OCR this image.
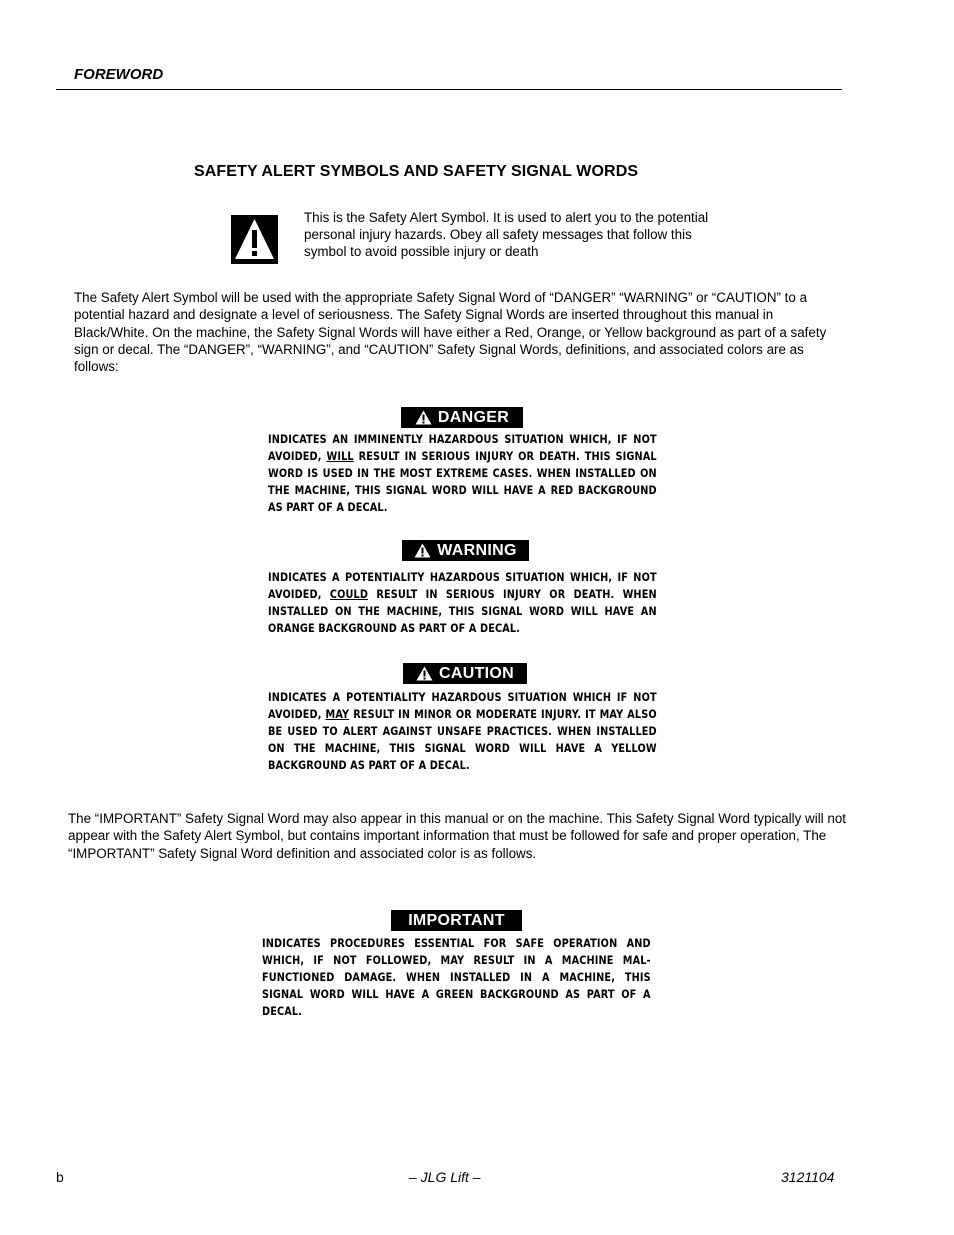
FOREWORD
SAFETY ALERT SYMBOLS AND SAFETY SIGNAL WORDS
This is the Safety Alert Symbol. It is used to alert you to the potential personal injury hazards. Obey all safety messages that follow this symbol to avoid possible injury or death
The Safety Alert Symbol will be used with the appropriate Safety Signal Word of “DANGER” “WARNING” or “CAUTION” to a potential hazard and designate a level of seriousness. The Safety Signal Words are inserted throughout this manual in Black/White. On the machine, the Safety Signal Words will have either a Red, Orange, or Yellow background as part of a safety sign or decal. The “DANGER”, “WARNING”, and “CAUTION” Safety Signal Words, definitions, and associated colors are as follows:
DANGER
INDICATES AN IMMINENTLY HAZARDOUS SITUATION WHICH, IF NOT AVOIDED, WILL RESULT IN SERIOUS INJURY OR DEATH. THIS SIGNAL WORD IS USED IN THE MOST EXTREME CASES. WHEN INSTALLED ON THE MACHINE, THIS SIGNAL WORD WILL HAVE A RED BACKGROUND AS PART OF A DECAL.
WARNING
INDICATES A POTENTIALITY HAZARDOUS SITUATION WHICH, IF NOT AVOIDED, COULD RESULT IN SERIOUS INJURY OR DEATH. WHEN INSTALLED ON THE MACHINE, THIS SIGNAL WORD WILL HAVE AN ORANGE BACKGROUND AS PART OF A DECAL.
CAUTION
INDICATES A POTENTIALITY HAZARDOUS SITUATION WHICH IF NOT AVOIDED, MAY RESULT IN MINOR OR MODERATE INJURY. IT MAY ALSO BE USED TO ALERT AGAINST UNSAFE PRACTICES. WHEN INSTALLED ON THE MACHINE, THIS SIGNAL WORD WILL HAVE A YELLOW BACKGROUND AS PART OF A DECAL.
The “IMPORTANT” Safety Signal Word may also appear in this manual or on the machine. This Safety Signal Word typically will not appear with the Safety Alert Symbol, but contains important information that must be followed for safe and proper operation, The “IMPORTANT” Safety Signal Word definition and associated color is as follows.
IMPORTANT
INDICATES PROCEDURES ESSENTIAL FOR SAFE OPERATION AND WHICH, IF NOT FOLLOWED, MAY RESULT IN A MACHINE MAL- FUNCTIONED DAMAGE. WHEN INSTALLED IN A MACHINE, THIS SIGNAL WORD WILL HAVE A GREEN BACKGROUND AS PART OF A DECAL.
b	– JLG Lift –	3121104
